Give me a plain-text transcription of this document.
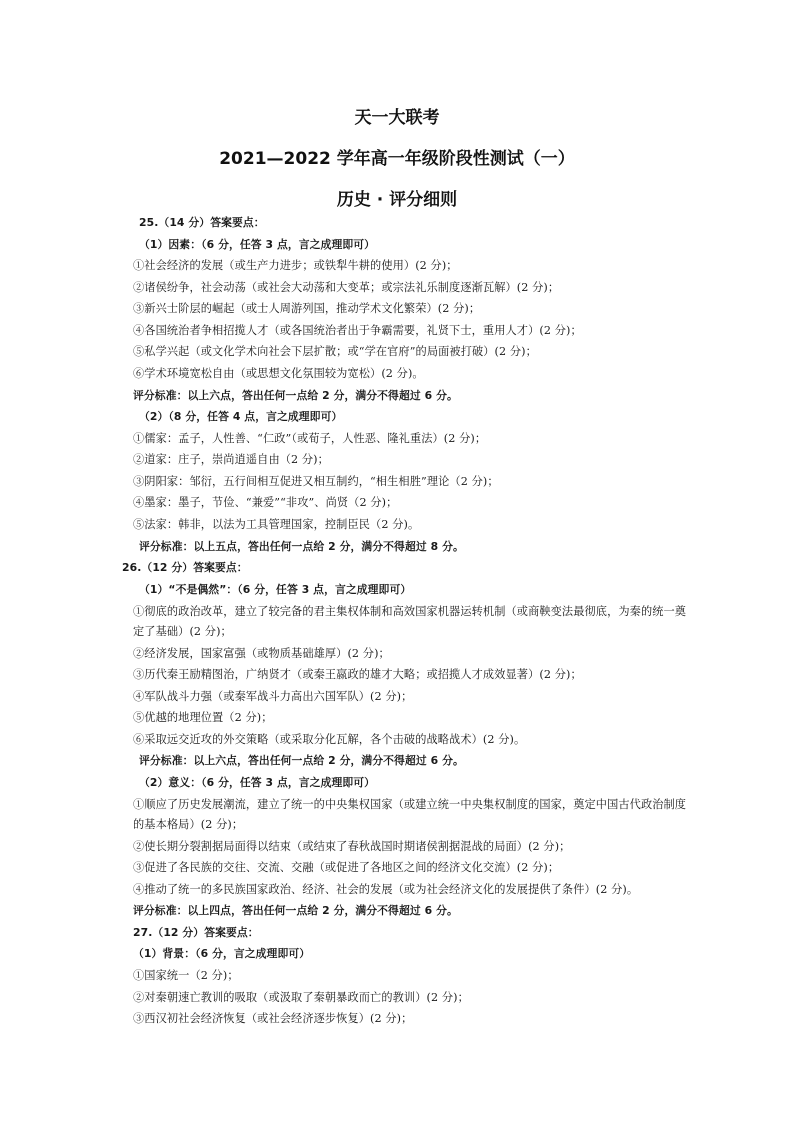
天一大联考
2021—2022 学年高一年级阶段性测试（一）
历史 · 评分细则
25.（14 分）答案要点：
（1）因素：（6 分，任答 3 点，言之成理即可）
①社会经济的发展（或生产力进步；或铁犁牛耕的使用）(2 分)；
②诸侯纷争，社会动荡（或社会大动荡和大变革；或宗法礼乐制度逐渐瓦解）(2 分)；
③新兴士阶层的崛起（或士人周游列国，推动学术文化繁荣）(2 分)；
④各国统治者争相招揽人才（或各国统治者出于争霸需要，礼贤下士，重用人才）(2 分)；
⑤私学兴起（或文化学术向社会下层扩散；或“学在官府”的局面被打破）(2 分)；
⑥学术环境宽松自由（或思想文化氛围较为宽松）(2 分)。
评分标准：以上六点，答出任何一点给 2 分，满分不得超过 6 分。
（2）（8 分，任答 4 点，言之成理即可）
①儒家：孟子，人性善、“仁政”（或荀子，人性恶、隆礼重法）(2 分)；
②道家：庄子，崇尚逍遥自由（2 分)；
③阴阳家：邹衍，五行间相互促进又相互制约，“相生相胜”理论（2 分)；
④墨家：墨子，节俭、“兼爱”“非攻”、尚贤（2 分)；
⑤法家：韩非，以法为工具管理国家，控制臣民（2 分)。
评分标准：以上五点，答出任何一点给 2 分，满分不得超过 8 分。
26.（12 分）答案要点：
（1）“不是偶然”：（6 分，任答 3 点，言之成理即可）
①彻底的政治改革，建立了较完备的君主集权体制和高效国家机器运转机制（或商鞅变法最彻底，为秦的统一奠定了基础）(2 分)；
②经济发展，国家富强（或物质基础雄厚）(2 分)；
③历代秦王励精图治，广纳贤才（或秦王嬴政的雄才大略；或招揽人才成效显著）(2 分)；
④军队战斗力强（或秦军战斗力高出六国军队）(2 分)；
⑤优越的地理位置（2 分)；
⑥采取远交近攻的外交策略（或采取分化瓦解，各个击破的战略战术）(2 分)。
评分标准：以上六点，答出任何一点给 2 分，满分不得超过 6 分。
（2）意义：（6 分，任答 3 点，言之成理即可）
①顺应了历史发展潮流，建立了统一的中央集权国家（或建立统一中央集权制度的国家，奠定中国古代政治制度的基本格局）(2 分)；
②使长期分裂割据局面得以结束（或结束了春秋战国时期诸侯割据混战的局面）(2 分)；
③促进了各民族的交往、交流、交融（或促进了各地区之间的经济文化交流）(2 分)；
④推动了统一的多民族国家政治、经济、社会的发展（或为社会经济文化的发展提供了条件）(2 分)。
评分标准：以上四点，答出任何一点给 2 分，满分不得超过 6 分。
27.（12 分）答案要点：
（1）背景：（6 分，言之成理即可）
①国家统一（2 分)；
②对秦朝速亡教训的吸取（或汲取了秦朝暴政而亡的教训）(2 分)；
③西汉初社会经济恢复（或社会经济逐步恢复）(2 分)；
